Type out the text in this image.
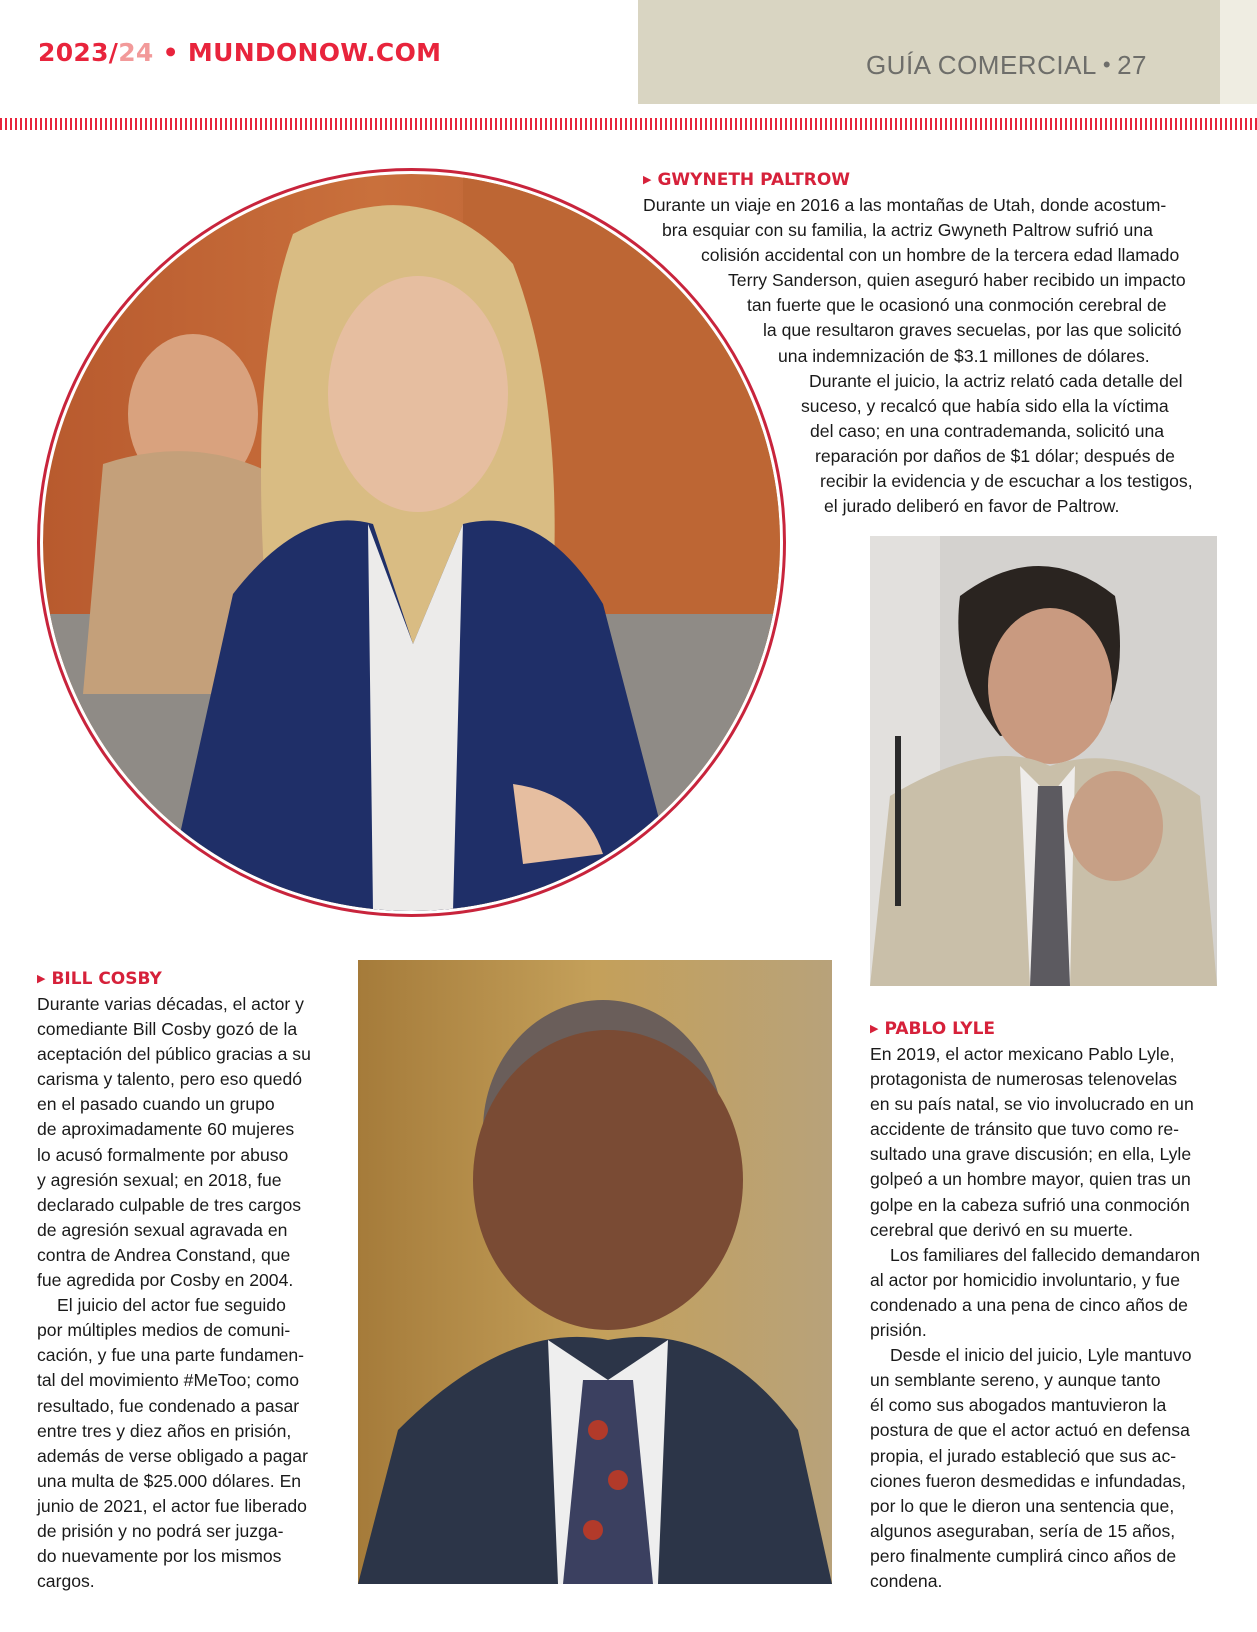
2023/24 • MUNDONOW.COM	GUÍA COMERCIAL • 27
▶ GWYNETH PALTROW
Durante un viaje en 2016 a las montañas de Utah, donde acostum-
bra esquiar con su familia, la actriz Gwyneth Paltrow sufrió una
colisión accidental con un hombre de la tercera edad llamado
Terry Sanderson, quien aseguró haber recibido un impacto
tan fuerte que le ocasionó una conmoción cerebral de
la que resultaron graves secuelas, por las que solicitó
una indemnización de $3.1 millones de dólares.
Durante el juicio, la actriz relató cada detalle del
suceso, y recalcó que había sido ella la víctima
del caso; en una contrademanda, solicitó una
reparación por daños de $1 dólar; después de
recibir la evidencia y de escuchar a los testigos,
el jurado deliberó en favor de Paltrow.
▶ BILL COSBY
Durante varias décadas, el actor y
comediante Bill Cosby gozó de la
aceptación del público gracias a su
carisma y talento, pero eso quedó
en el pasado cuando un grupo
de aproximadamente 60 mujeres
lo acusó formalmente por abuso
y agresión sexual; en 2018, fue
declarado culpable de tres cargos
de agresión sexual agravada en
contra de Andrea Constand, que
fue agredida por Cosby en 2004.
El juicio del actor fue seguido
por múltiples medios de comuni-
cación, y fue una parte fundamen-
tal del movimiento #MeToo; como
resultado, fue condenado a pasar
entre tres y diez años en prisión,
además de verse obligado a pagar
una multa de $25.000 dólares. En
junio de 2021, el actor fue liberado
de prisión y no podrá ser juzga-
do nuevamente por los mismos
cargos.
▶ PABLO LYLE
En 2019, el actor mexicano Pablo Lyle,
protagonista de numerosas telenovelas
en su país natal, se vio involucrado en un
accidente de tránsito que tuvo como re-
sultado una grave discusión; en ella, Lyle
golpeó a un hombre mayor, quien tras un
golpe en la cabeza sufrió una conmoción
cerebral que derivó en su muerte.
Los familiares del fallecido demandaron
al actor por homicidio involuntario, y fue
condenado a una pena de cinco años de
prisión.
Desde el inicio del juicio, Lyle mantuvo
un semblante sereno, y aunque tanto
él como sus abogados mantuvieron la
postura de que el actor actuó en defensa
propia, el jurado estableció que sus ac-
ciones fueron desmedidas e infundadas,
por lo que le dieron una sentencia que,
algunos aseguraban, sería de 15 años,
pero finalmente cumplirá cinco años de
condena.
